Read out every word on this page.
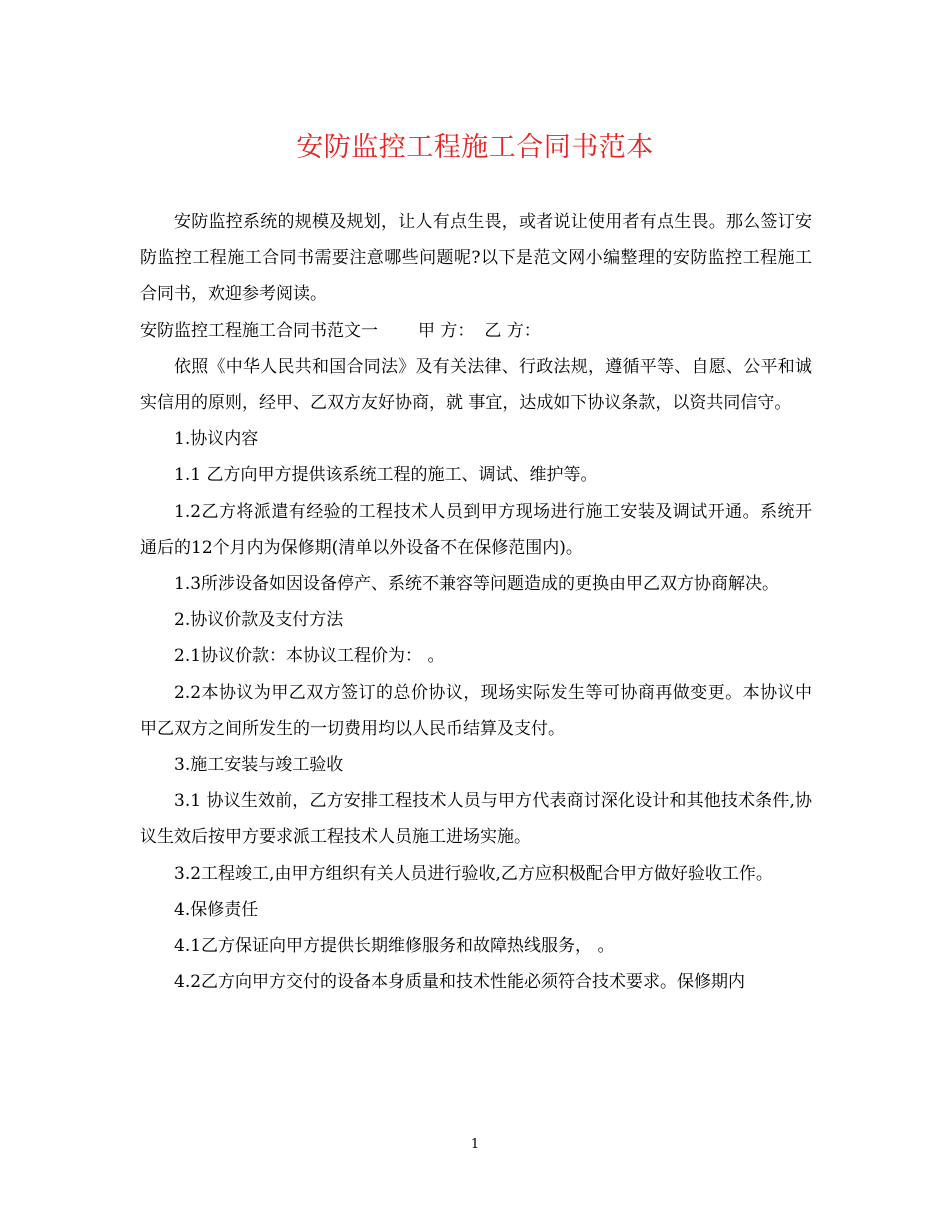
安防监控工程施工合同书范本

安防监控系统的规模及规划，让人有点生畏，或者说让使用者有点生畏。那么签订安防监控工程施工合同书需要注意哪些问题呢?以下是范文网小编整理的安防监控工程施工合同书，欢迎参考阅读。

安防监控工程施工合同书范文一 甲 方： 乙 方：

依照《中华人民共和国合同法》及有关法律、行政法规，遵循平等、自愿、公平和诚实信用的原则，经甲、乙双方友好协商，就 事宜，达成如下协议条款，以资共同信守。

1.协议内容

1.1 乙方向甲方提供该系统工程的施工、调试、维护等。

1.2乙方将派遣有经验的工程技术人员到甲方现场进行施工安装及调试开通。系统开通后的12个月内为保修期(清单以外设备不在保修范围内)。

1.3所涉设备如因设备停产、系统不兼容等问题造成的更换由甲乙双方协商解决。

2.协议价款及支付方法

2.1协议价款：本协议工程价为： 。

2.2本协议为甲乙双方签订的总价协议，现场实际发生等可协商再做变更。本协议中甲乙双方之间所发生的一切费用均以人民币结算及支付。

3.施工安装与竣工验收

3.1 协议生效前，乙方安排工程技术人员与甲方代表商讨深化设计和其他技术条件,协议生效后按甲方要求派工程技术人员施工进场实施。

3.2工程竣工,由甲方组织有关人员进行验收,乙方应积极配合甲方做好验收工作。

4.保修责任

4.1乙方保证向甲方提供长期维修服务和故障热线服务， 。

4.2乙方向甲方交付的设备本身质量和技术性能必须符合技术要求。保修期内

1
